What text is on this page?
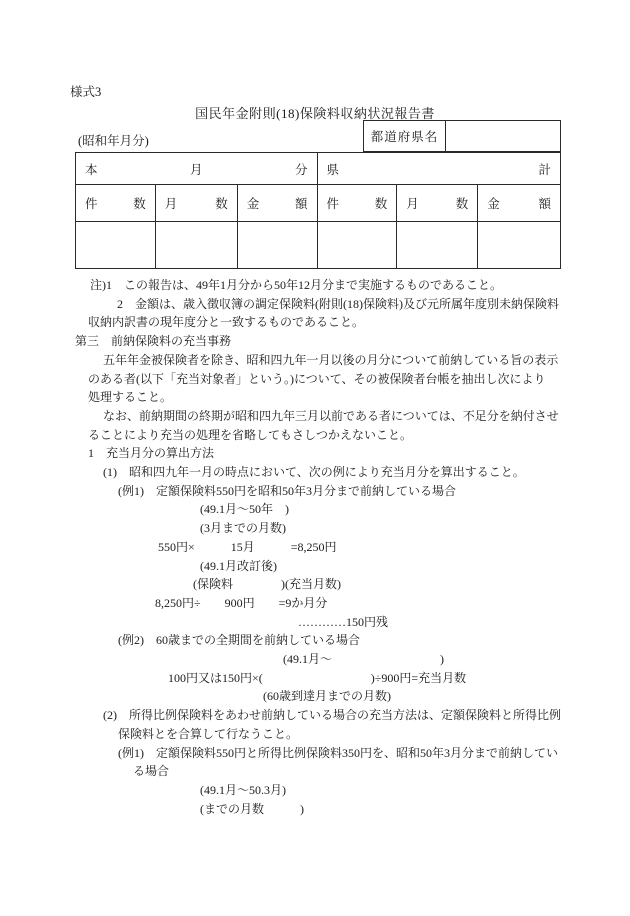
様式3
国民年金附則(18)保険料収納状況報告書
(昭和年月分)	都道府県名
本 月 分			県 計		

件 数	月 数	金 額	件 数	月 数	金 額

注)1　この報告は、49年1月分から50年12月分まで実施するものであること。
2　金額は、歳入徴収簿の調定保険料(附則(18)保険料)及び元所属年度別未納保険料
収納内訳書の現年度分と一致するものであること。
第三　前納保険料の充当事務
五年年金被保険者を除き、昭和四九年一月以後の月分について前納している旨の表示
のある者(以下「充当対象者」という。)について、その被保険者台帳を抽出し次により
処理すること。
なお、前納期間の終期が昭和四九年三月以前である者については、不足分を納付させ
ることにより充当の処理を省略してもさしつかえないこと。
1　充当月分の算出方法
(1)　昭和四九年一月の時点において、次の例により充当月分を算出すること。
(例1)　定額保険料550円を昭和50年3月分まで前納している場合
(49.1月～50年　)
(3月までの月数)
550円×　　　15月　　　=8,250円
(49.1月改訂後)
(保険料　　　　)(充当月数)
8,250円÷　　900円　　=9か月分
…………150円残
(例2)　60歳までの全期間を前納している場合
(49.1月～　　　　　　　　　)
100円又は150円×(　　　　　　　　　)÷900円=充当月数
(60歳到達月までの月数)
(2)　所得比例保険料をあわせ前納している場合の充当方法は、定額保険料と所得比例
保険料とを合算して行なうこと。
(例1)　定額保険料550円と所得比例保険料350円を、昭和50年3月分まで前納してい
る場合
(49.1月～50.3月)
(までの月数　　　)
